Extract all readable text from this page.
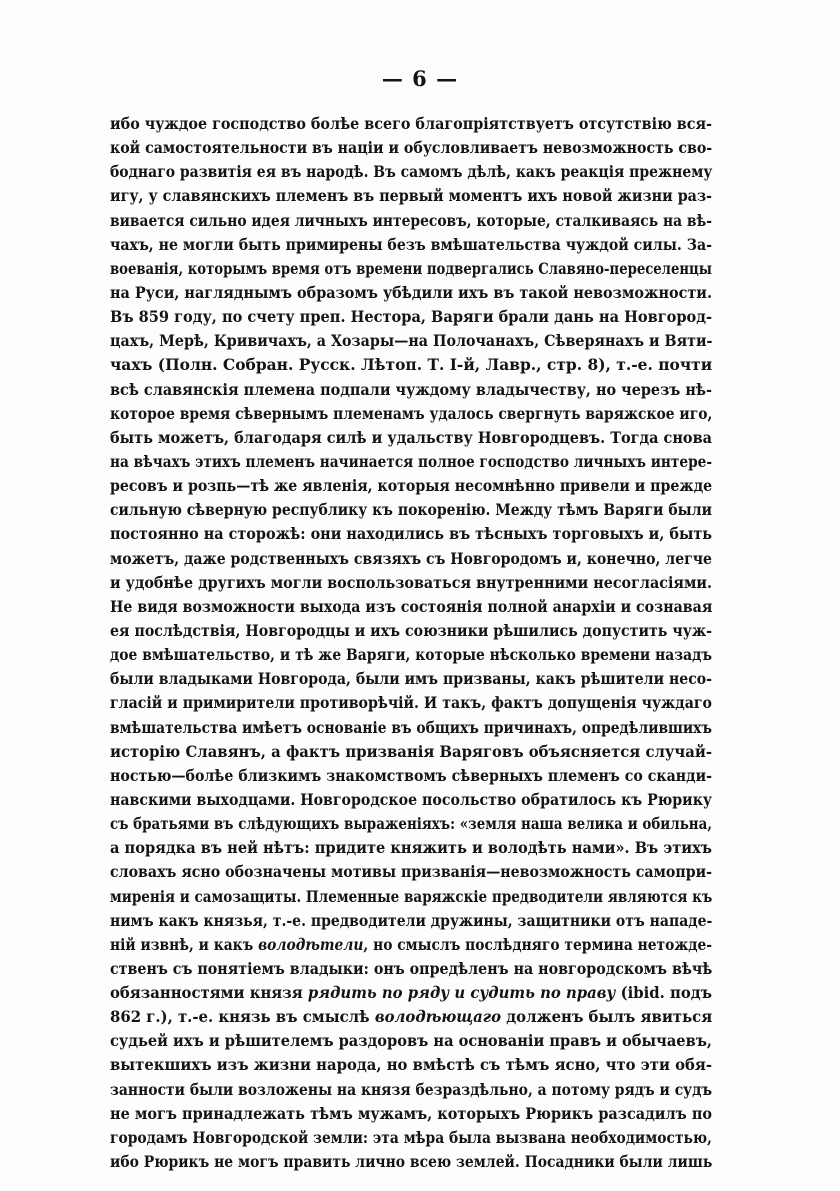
— 6 —
ибо чуждое господство болѣе всего благопріятствуетъ отсутствію вся-
кой самостоятельности въ націи и обусловливаетъ невозможность сво-
боднаго развитія ея въ народѣ. Въ самомъ дѣлѣ, какъ реакція прежнему
игу, у славянскихъ племенъ въ первый моментъ ихъ новой жизни раз-
вивается сильно идея личныхъ интересовъ, которые, сталкиваясь на вѣ-
чахъ, не могли быть примирены безъ вмѣшательства чуждой силы. За-
воеванія, которымъ время отъ времени подвергались Славяно-переселенцы
на Руси, нагляднымъ образомъ убѣдили ихъ въ такой невозможности.
Въ 859 году, по счету преп. Нестора, Варяги брали дань на Новгород-
цахъ, Мерѣ, Кривичахъ, а Хозары—на Полочанахъ, Сѣверянахъ и Вяти-
чахъ (Полн. Собран. Русск. Лѣтоп. Т. І-й, Лавр., стр. 8), т.-е. почти
всѣ славянскія племена подпали чуждому владычеству, но черезъ нѣ-
которое время сѣвернымъ племенамъ удалось свергнуть варяжское иго,
быть можетъ, благодаря силѣ и удальству Новгородцевъ. Тогда снова
на вѣчахъ этихъ племенъ начинается полное господство личныхъ интере-
ресовъ и розпь—тѣ же явленія, которыя несомнѣнно привели и прежде
сильную сѣверную республику къ покоренію. Между тѣмъ Варяги были
постоянно на сторожѣ: они находились въ тѣсныхъ торговыхъ и, быть
можетъ, даже родственныхъ связяхъ съ Новгородомъ и, конечно, легче
и удобнѣе другихъ могли воспользоваться внутренними несогласіями.
Не видя возможности выхода изъ состоянія полной анархіи и сознавая
ея послѣдствія, Новгородцы и ихъ союзники рѣшились допустить чуж-
дое вмѣшательство, и тѣ же Варяги, которые нѣсколько времени назадъ
были владыками Новгорода, были имъ призваны, какъ рѣшители несо-
гласій и примирители противорѣчій. И такъ, фактъ допущенія чуждаго
вмѣшательства имѣетъ основаніе въ общихъ причинахъ, опредѣлившихъ
исторію Славянъ, а фактъ призванія Варяговъ объясняется случай-
ностью—болѣе близкимъ знакомствомъ сѣверныхъ племенъ со сканди-
навскими выходцами. Новгородское посольство обратилось къ Рюрику
съ братьями въ слѣдующихъ выраженіяхъ: «земля наша велика и обильна,
а порядка въ ней нѣтъ: придите княжить и володѣть нами». Въ этихъ
словахъ ясно обозначены мотивы призванія—невозможность самопри-
миренія и самозащиты. Племенные варяжскіе предводители являются къ
нимъ какъ князья, т.-е. предводители дружины, защитники отъ нападе-
ній извнѣ, и какъ володѣтели, но смыслъ послѣдняго термина нетожде-
ственъ съ понятіемъ владыки: онъ опредѣленъ на новгородскомъ вѣчѣ
обязанностями князя рядить по ряду и судить по праву (ibid. подъ
862 г.), т.-е. князь въ смыслѣ володѣющаго долженъ былъ явиться
судьей ихъ и рѣшителемъ раздоровъ на основаніи правъ и обычаевъ,
вытекшихъ изъ жизни народа, но вмѣстѣ съ тѣмъ ясно, что эти обя-
занности были возложены на князя безраздѣльно, а потому рядъ и судъ
не могъ принадлежать тѣмъ мужамъ, которыхъ Рюрикъ разсадилъ по
городамъ Новгородской земли: эта мѣра была вызвана необходимостью,
ибо Рюрикъ не могъ править лично всею землей. Посадники были лишь
